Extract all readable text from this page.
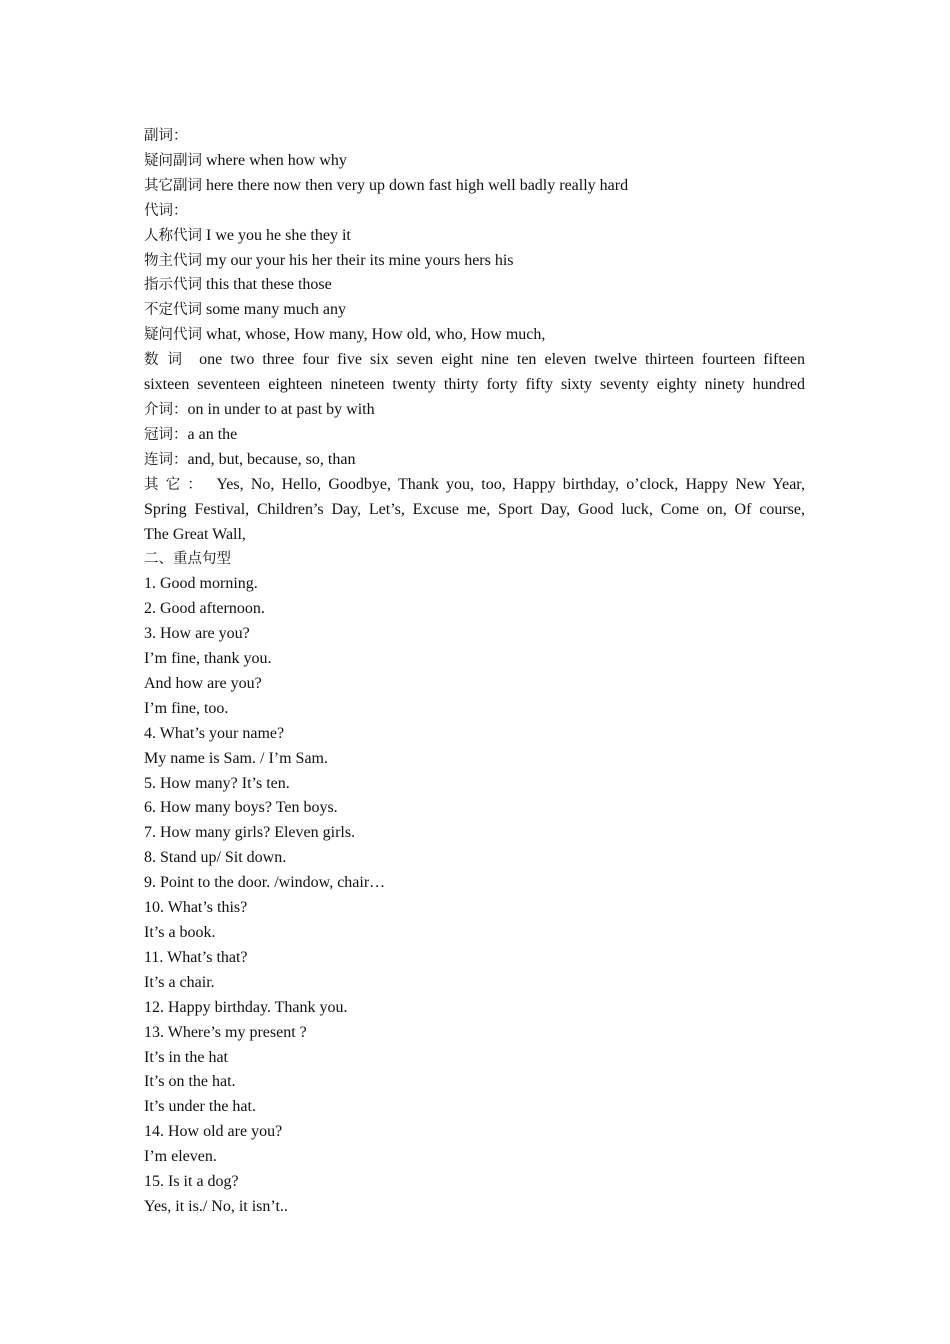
副词：
疑问副词 where when how why
其它副词 here there now then very up down fast high well badly really hard
代词：
人称代词 I we you he she they it
物主代词 my our your his her their its mine yours hers his
指示代词 this that these those
不定代词 some many much any
疑问代词 what, whose, How many, How old, who, How much,
数词 one two three four five six seven eight nine ten eleven twelve thirteen fourteen fifteen
sixteen seventeen eighteen nineteen twenty thirty forty fifty sixty seventy eighty ninety hundred
介词：on in under to at past by with
冠词：a an the
连词：and, but, because, so, than
其它： Yes, No, Hello, Goodbye, Thank you, too, Happy birthday, o’clock, Happy New Year,
Spring Festival, Children’s Day, Let’s, Excuse me, Sport Day, Good luck, Come on, Of course,
The Great Wall,
二、重点句型
1. Good morning.
2. Good afternoon.
3. How are you?
I’m fine, thank you.
And how are you?
I’m fine, too.
4. What’s your name?
My name is Sam. / I’m Sam.
5. How many? It’s ten.
6. How many boys? Ten boys.
7. How many girls? Eleven girls.
8. Stand up/ Sit down.
9. Point to the door. /window, chair…
10. What’s this?
It’s a book.
11. What’s that?
It’s a chair.
12. Happy birthday. Thank you.
13. Where’s my present ?
It’s in the hat
It’s on the hat.
It’s under the hat.
14. How old are you?
I’m eleven.
15. Is it a dog?
Yes, it is./ No, it isn’t..
